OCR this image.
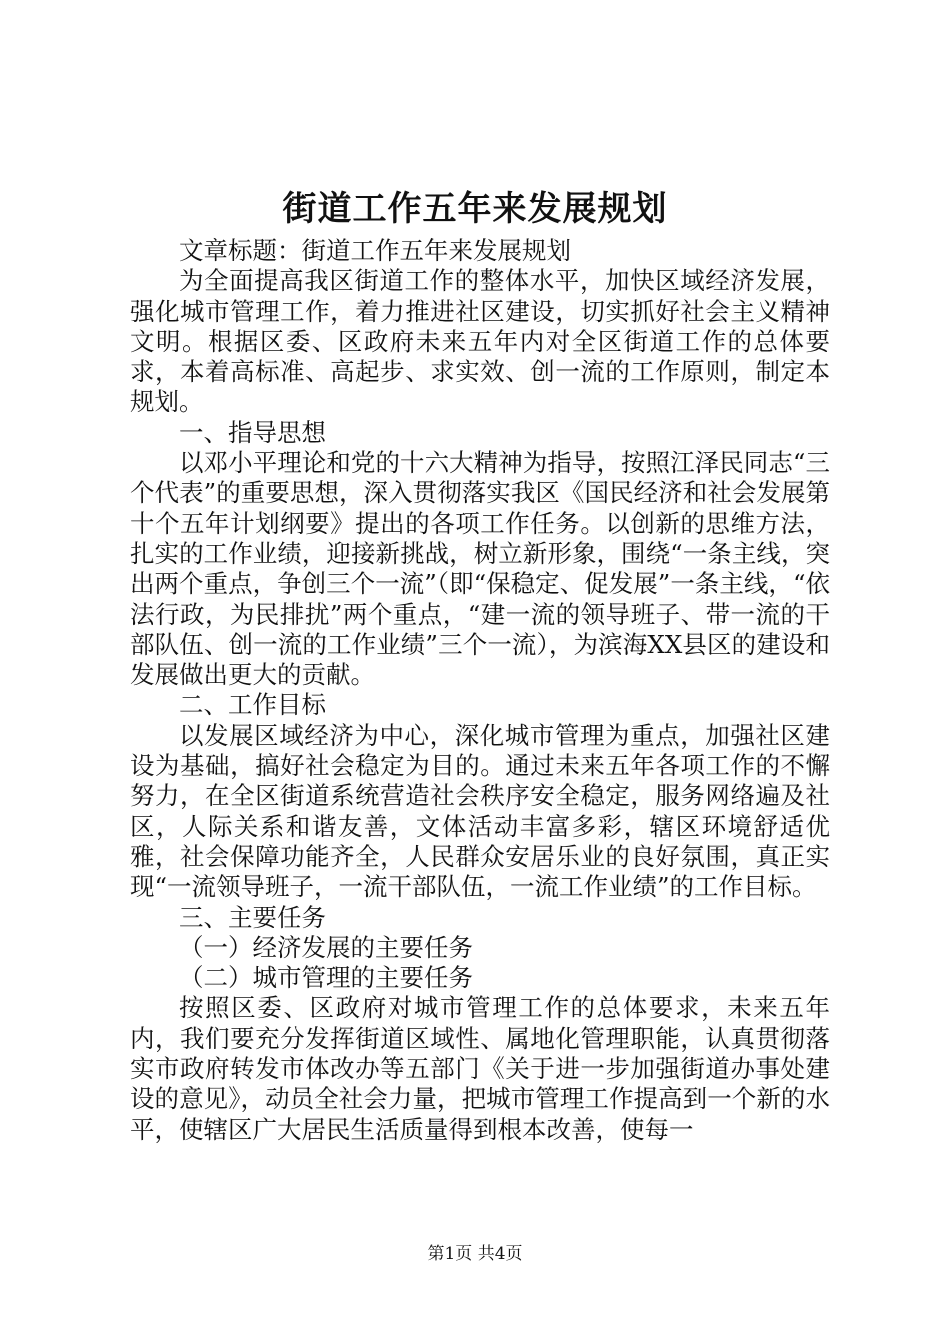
街道工作五年来发展规划

文章标题：街道工作五年来发展规划

为全面提高我区街道工作的整体水平，加快区域经济发展，强化城市管理工作，着力推进社区建设，切实抓好社会主义精神文明。根据区委、区政府未来五年内对全区街道工作的总体要求，本着高标准、高起步、求实效、创一流的工作原则，制定本规划。

一、指导思想

以邓小平理论和党的十六大精神为指导，按照江泽民同志“三个代表”的重要思想，深入贯彻落实我区《国民经济和社会发展第十个五年计划纲要》提出的各项工作任务。以创新的思维方法，扎实的工作业绩，迎接新挑战，树立新形象，围绕“一条主线，突出两个重点，争创三个一流”（即“保稳定、促发展”一条主线，“依法行政，为民排扰”两个重点，“建一流的领导班子、带一流的干部队伍、创一流的工作业绩”三个一流），为滨海XX县区的建设和发展做出更大的贡献。

二、工作目标

以发展区域经济为中心，深化城市管理为重点，加强社区建设为基础，搞好社会稳定为目的。通过未来五年各项工作的不懈努力，在全区街道系统营造社会秩序安全稳定，服务网络遍及社区，人际关系和谐友善，文体活动丰富多彩，辖区环境舒适优雅，社会保障功能齐全，人民群众安居乐业的良好氛围，真正实现“一流领导班子，一流干部队伍，一流工作业绩”的工作目标。

三、主要任务

（一）经济发展的主要任务

（二）城市管理的主要任务

按照区委、区政府对城市管理工作的总体要求，未来五年内，我们要充分发挥街道区域性、属地化管理职能，认真贯彻落实市政府转发市体改办等五部门《关于进一步加强街道办事处建设的意见》，动员全社会力量，把城市管理工作提高到一个新的水平，使辖区广大居民生活质量得到根本改善，使每一

第1页 共4页
